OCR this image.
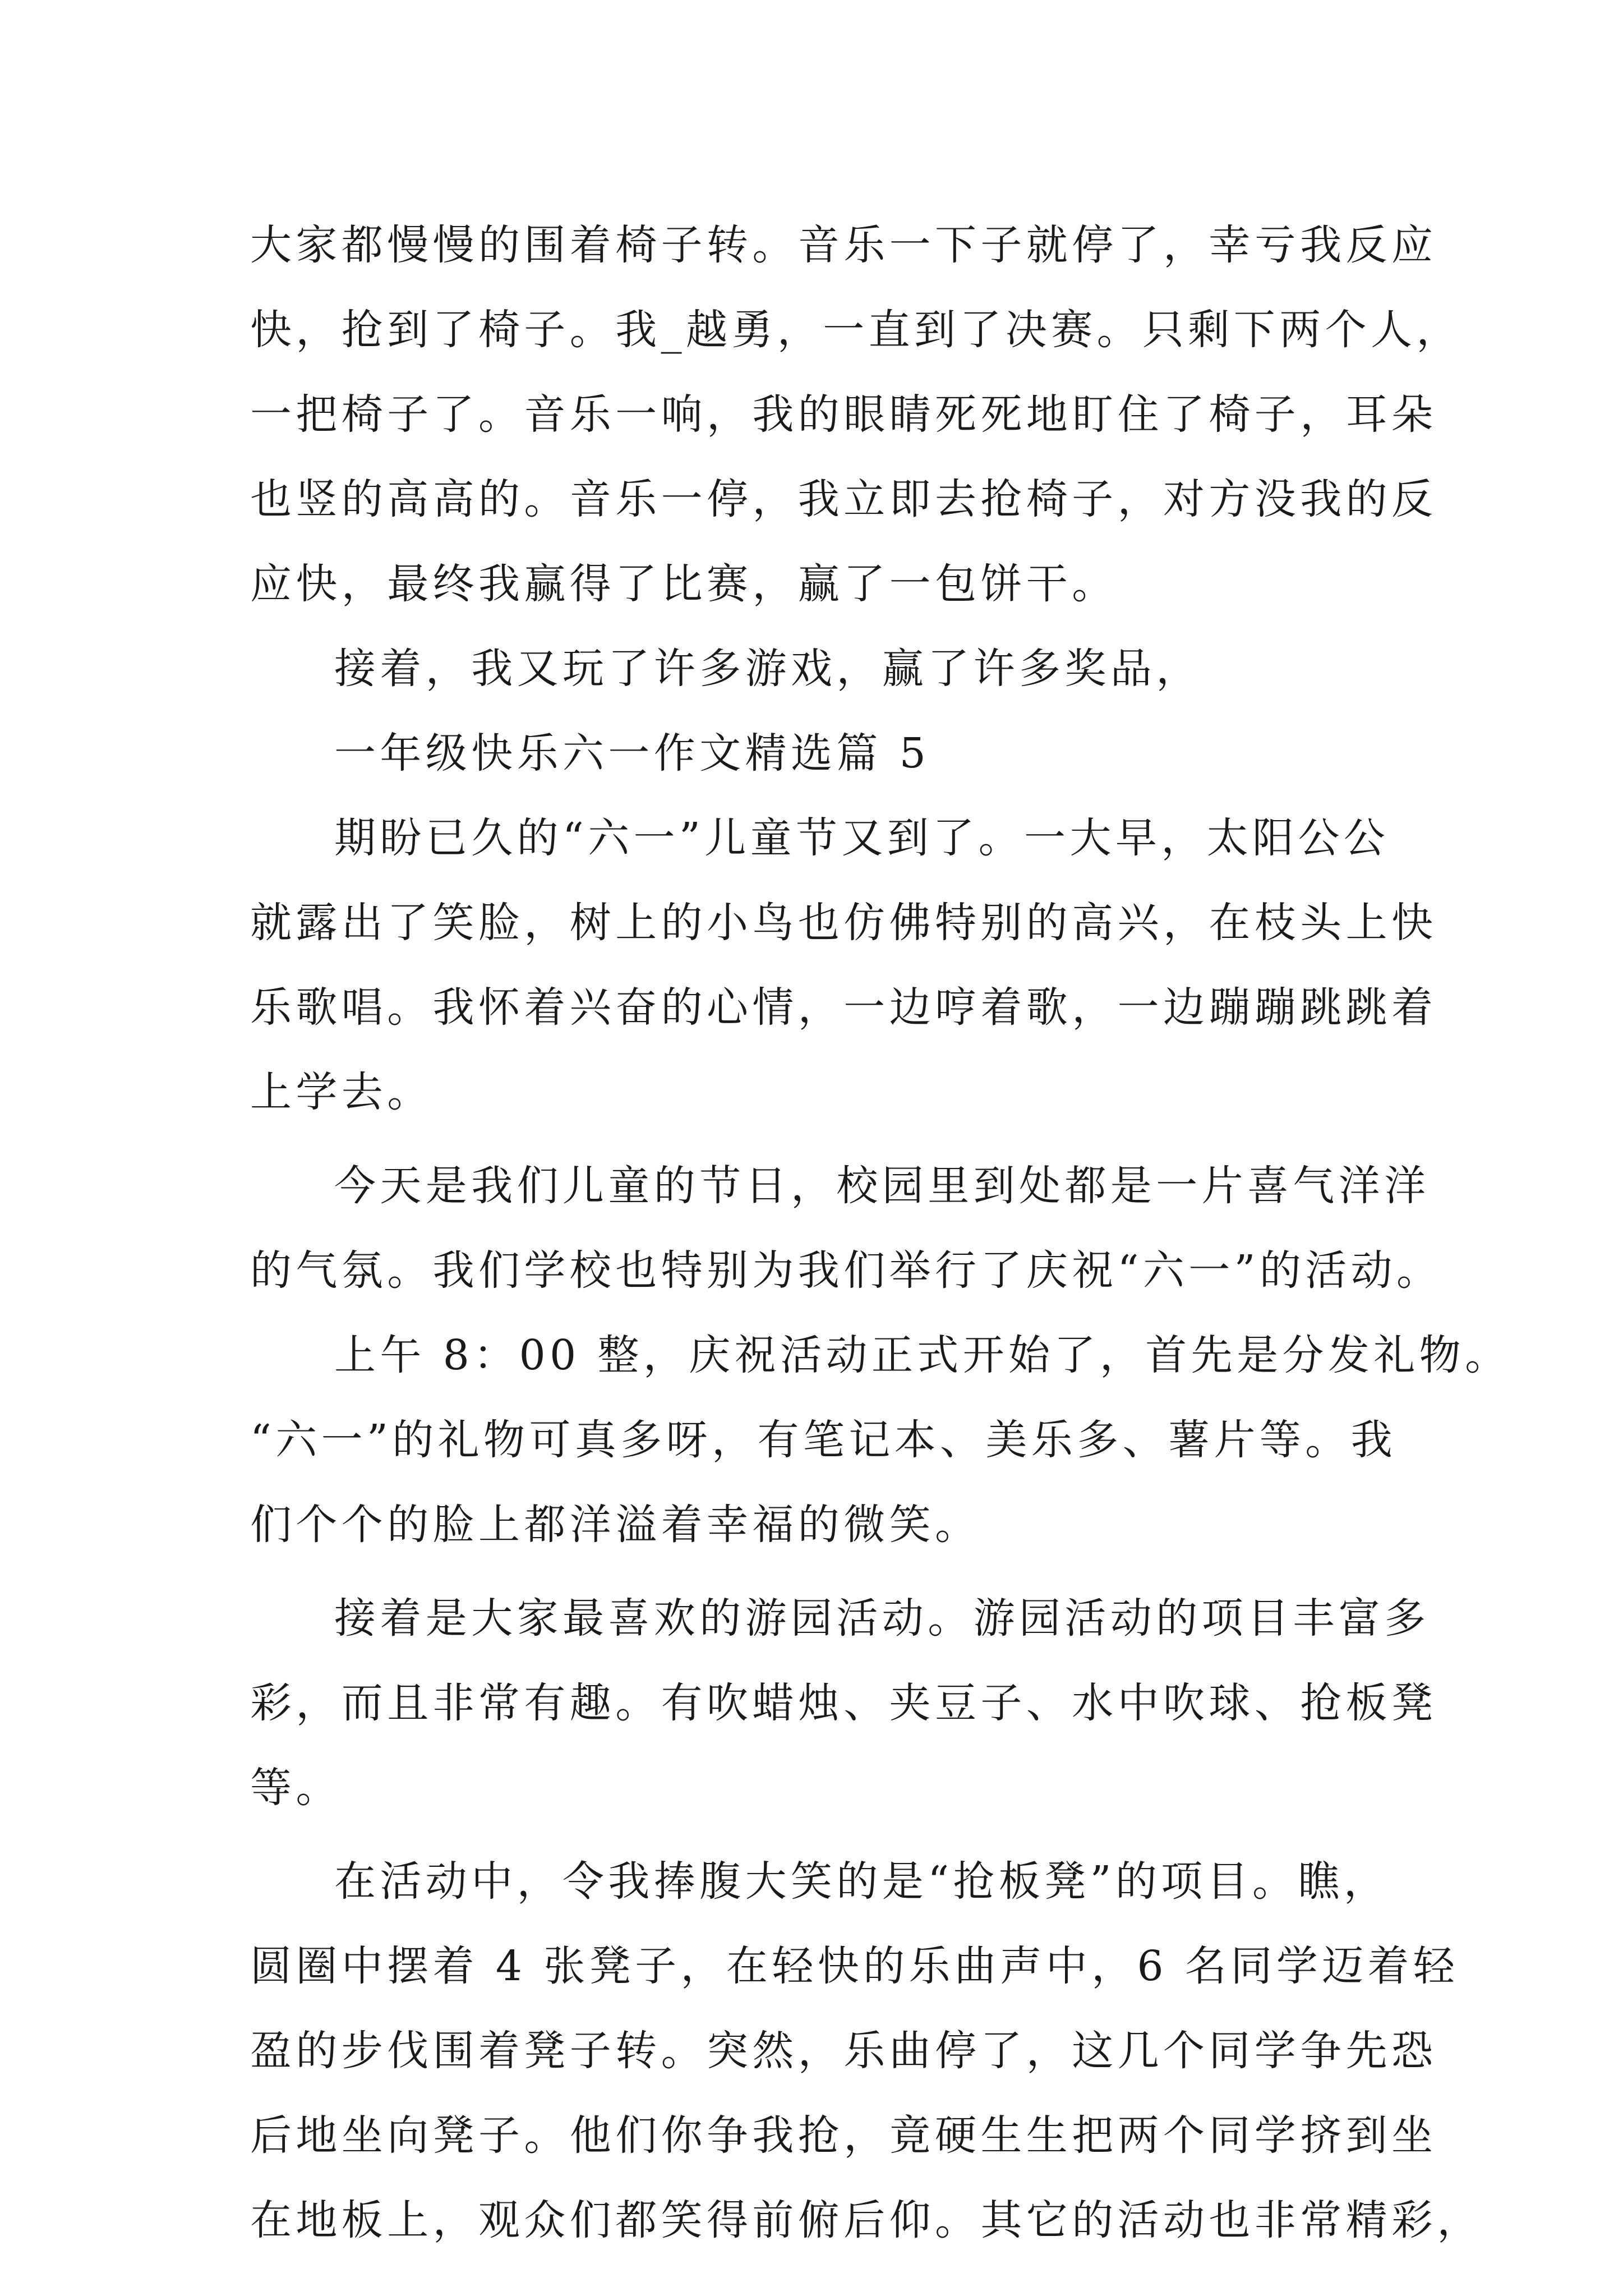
大家都慢慢的围着椅子转。音乐一下子就停了，幸亏我反应
快，抢到了椅子。我_越勇，一直到了决赛。只剩下两个人，
一把椅子了。音乐一响，我的眼睛死死地盯住了椅子，耳朵
也竖的高高的。音乐一停，我立即去抢椅子，对方没我的反
应快，最终我赢得了比赛，赢了一包饼干。
接着，我又玩了许多游戏，赢了许多奖品，
一年级快乐六一作文精选篇 5
期盼已久的“六一”儿童节又到了。一大早，太阳公公
就露出了笑脸，树上的小鸟也仿佛特别的高兴，在枝头上快
乐歌唱。我怀着兴奋的心情，一边哼着歌，一边蹦蹦跳跳着
上学去。
今天是我们儿童的节日，校园里到处都是一片喜气洋洋
的气氛。我们学校也特别为我们举行了庆祝“六一”的活动。
上午 8：00 整，庆祝活动正式开始了，首先是分发礼物。
“六一”的礼物可真多呀，有笔记本、美乐多、薯片等。我
们个个的脸上都洋溢着幸福的微笑。
接着是大家最喜欢的游园活动。游园活动的项目丰富多
彩，而且非常有趣。有吹蜡烛、夹豆子、水中吹球、抢板凳
等。
在活动中，令我捧腹大笑的是“抢板凳”的项目。瞧，
圆圈中摆着 4 张凳子，在轻快的乐曲声中，6 名同学迈着轻
盈的步伐围着凳子转。突然，乐曲停了，这几个同学争先恐
后地坐向凳子。他们你争我抢，竟硬生生把两个同学挤到坐
在地板上，观众们都笑得前俯后仰。其它的活动也非常精彩，
